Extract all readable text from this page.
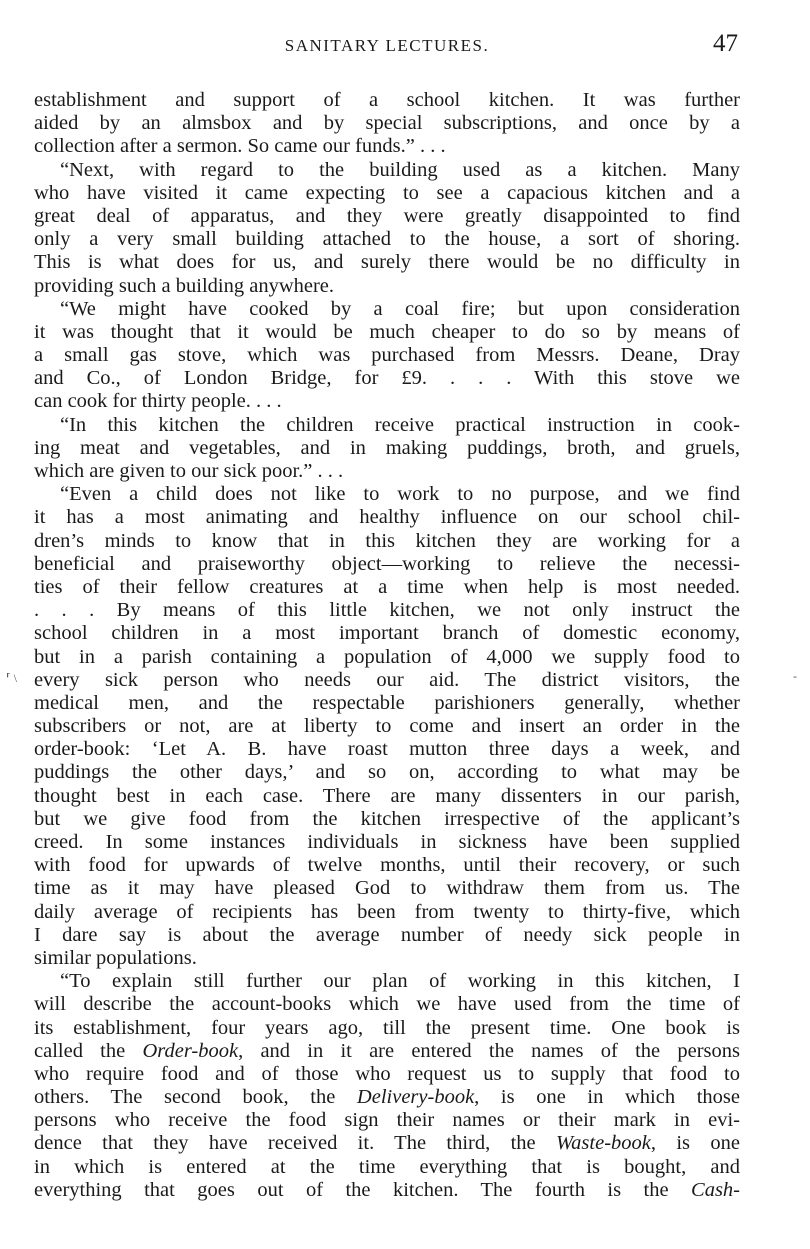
SANITARY LECTURES.	47
⸢ \	-
establishment and support of a school kitchen. It was further
aided by an almsbox and by special subscriptions, and once by a
collection after a sermon. So came our funds.” . . .
“Next, with regard to the building used as a kitchen. Many
who have visited it came expecting to see a capacious kitchen and a
great deal of apparatus, and they were greatly disappointed to find
only a very small building attached to the house, a sort of shoring.
This is what does for us, and surely there would be no difficulty in
providing such a building anywhere.
“We might have cooked by a coal fire; but upon consideration
it was thought that it would be much cheaper to do so by means of
a small gas stove, which was purchased from Messrs. Deane, Dray
and Co., of London Bridge, for £9. . . . With this stove we
can cook for thirty people. . . .
“In this kitchen the children receive practical instruction in cook-
ing meat and vegetables, and in making puddings, broth, and gruels,
which are given to our sick poor.” . . .
“Even a child does not like to work to no purpose, and we find
it has a most animating and healthy influence on our school chil-
dren’s minds to know that in this kitchen they are working for a
beneficial and praiseworthy object—working to relieve the necessi-
ties of their fellow creatures at a time when help is most needed.
. . . By means of this little kitchen, we not only instruct the
school children in a most important branch of domestic economy,
but in a parish containing a population of 4,000 we supply food to
every sick person who needs our aid. The district visitors, the
medical men, and the respectable parishioners generally, whether
subscribers or not, are at liberty to come and insert an order in the
order-book: ‘Let A. B. have roast mutton three days a week, and
puddings the other days,’ and so on, according to what may be
thought best in each case. There are many dissenters in our parish,
but we give food from the kitchen irrespective of the applicant’s
creed. In some instances individuals in sickness have been supplied
with food for upwards of twelve months, until their recovery, or such
time as it may have pleased God to withdraw them from us. The
daily average of recipients has been from twenty to thirty-five, which
I dare say is about the average number of needy sick people in
similar populations.
“To explain still further our plan of working in this kitchen, I
will describe the account-books which we have used from the time of
its establishment, four years ago, till the present time. One book is
called the Order-book, and in it are entered the names of the persons
who require food and of those who request us to supply that food to
others. The second book, the Delivery-book, is one in which those
persons who receive the food sign their names or their mark in evi-
dence that they have received it. The third, the Waste-book, is one
in which is entered at the time everything that is bought, and
everything that goes out of the kitchen. The fourth is the Cash-
